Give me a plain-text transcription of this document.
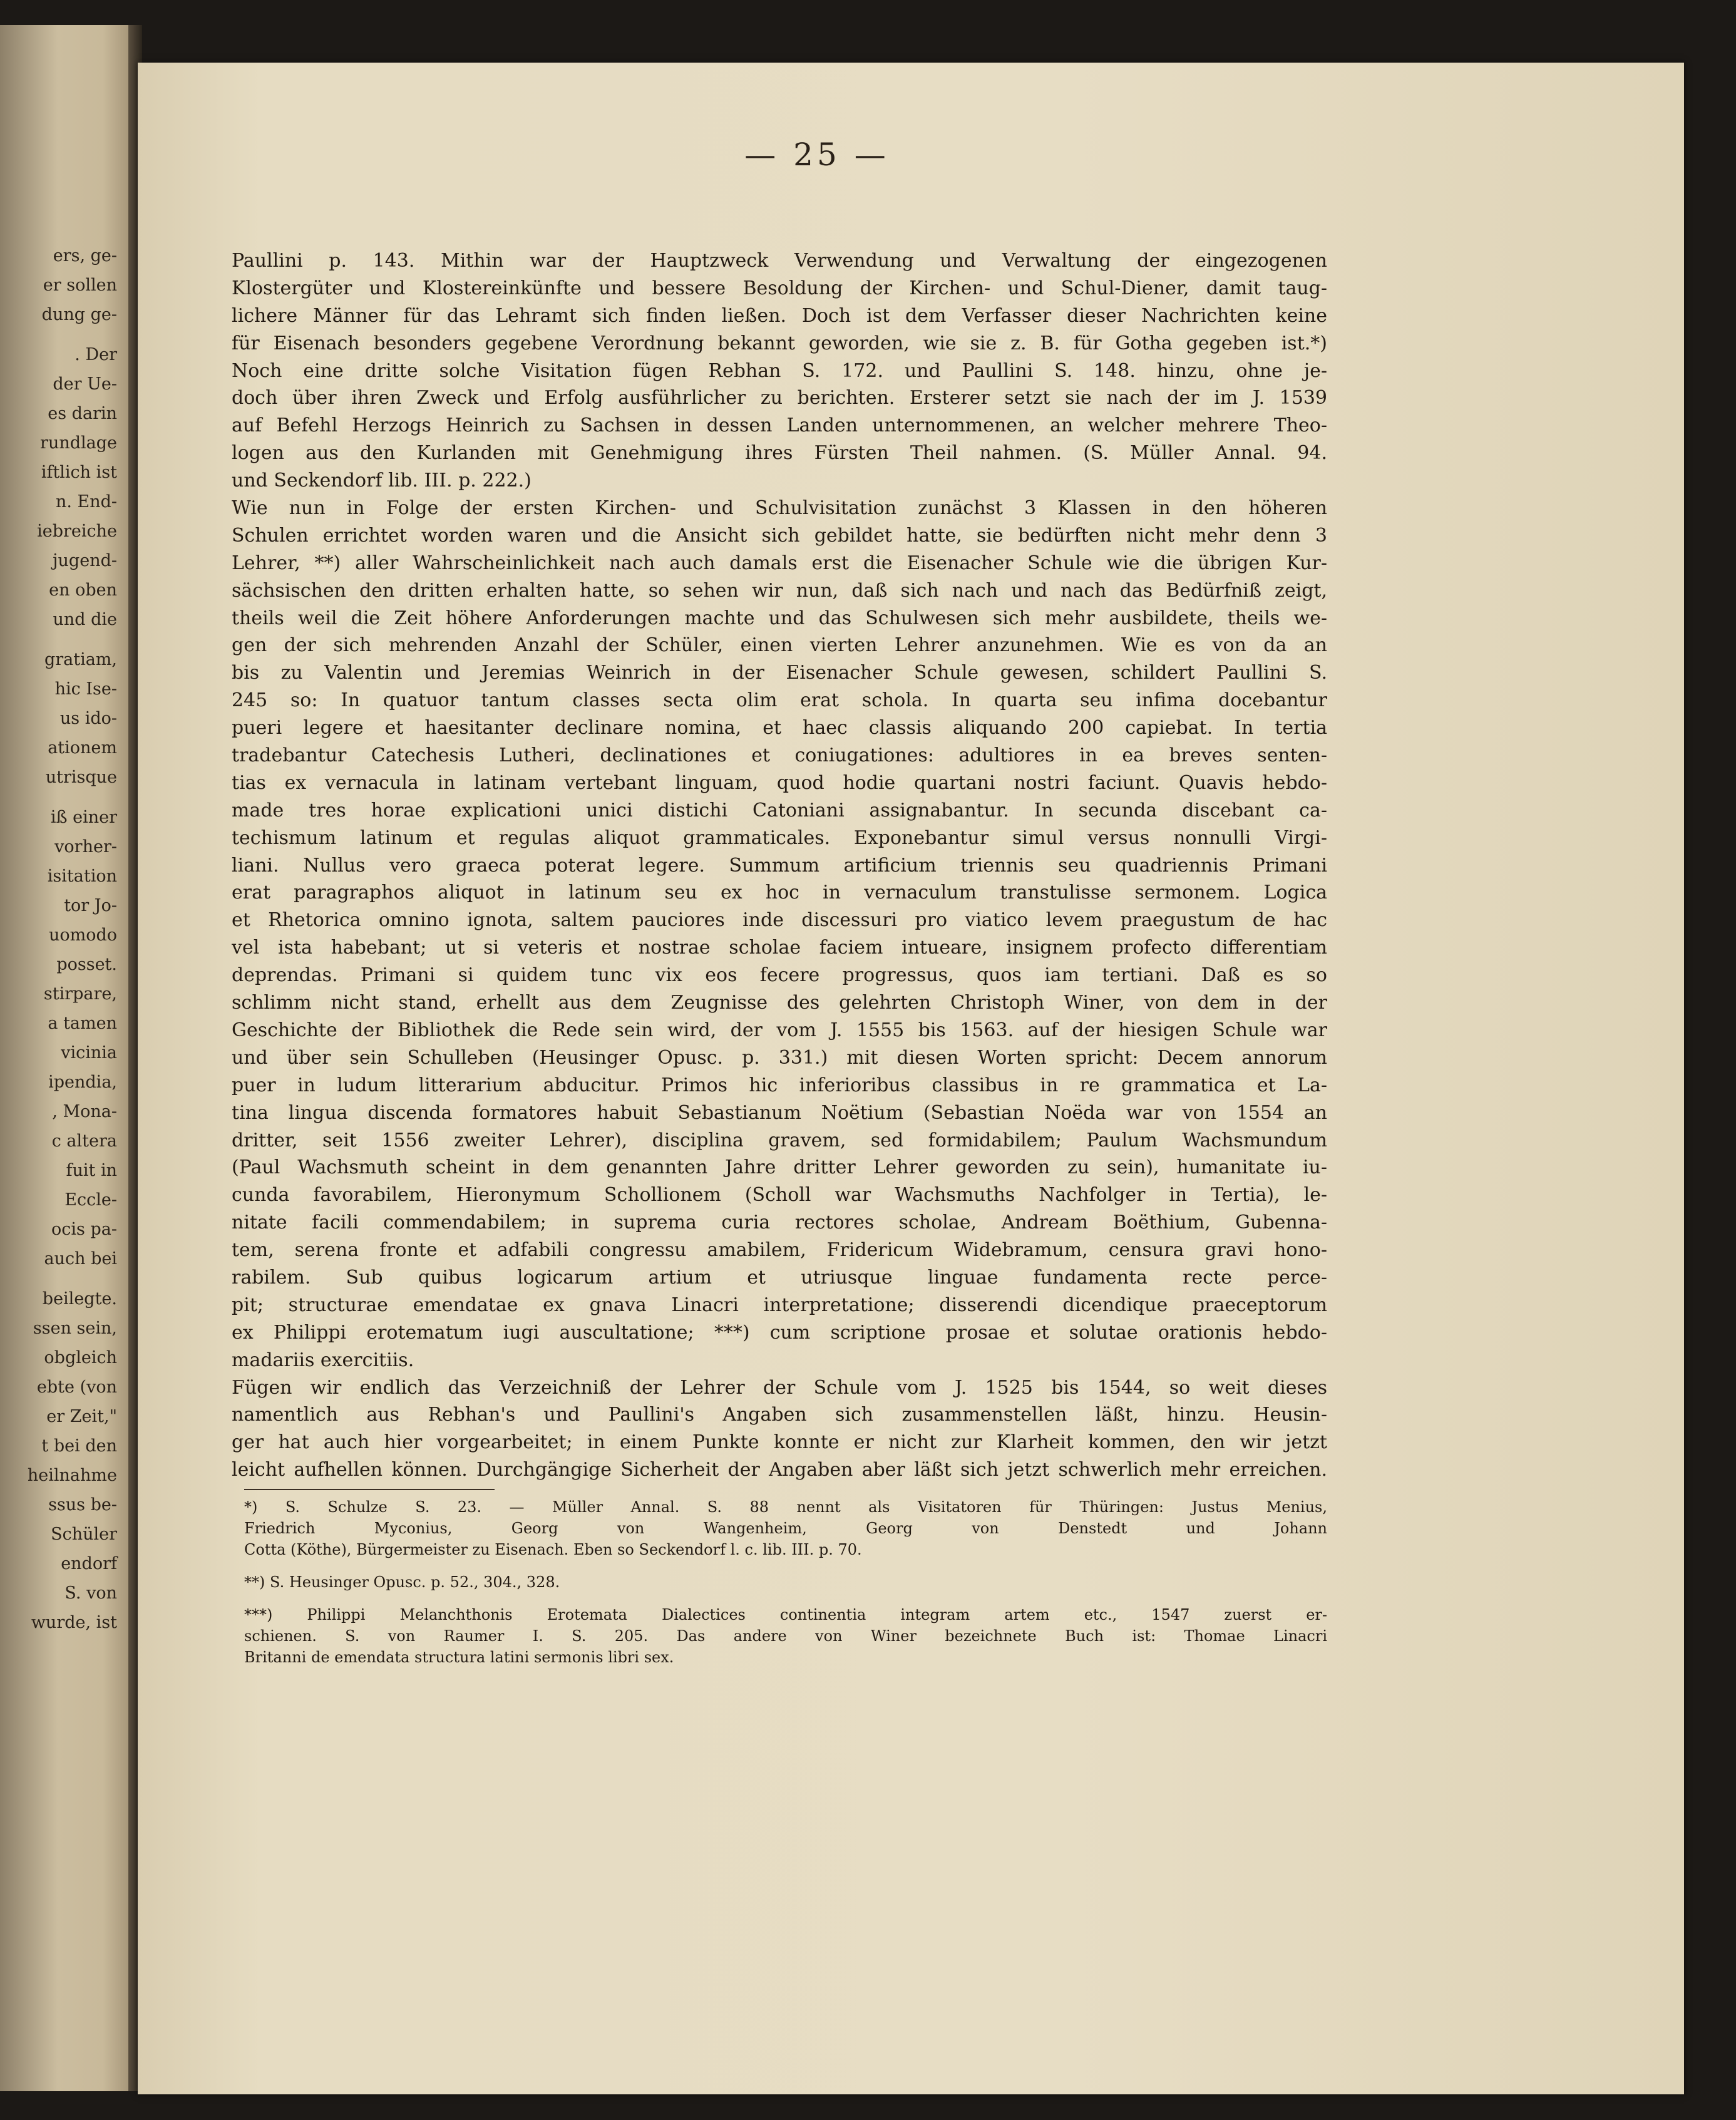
ers, ge-
er sollen
dung ge-
. Der
der Ue-
es darin
rundlage
iftlich ist
n. End-
iebreiche
jugend-
en oben
und die
gratiam,
hic Ise-
us ido-
ationem
utrisque
iß einer
vorher-
isitation
tor Jo-
uomodo
posset.
stirpare,
a tamen
vicinia
ipendia,
, Mona-
c altera
fuit in
Eccle-
ocis pa-
auch bei
beilegte.
ssen sein,
obgleich
ebte (von
er Zeit,"
t bei den
heilnahme
ssus be-
Schüler
endorf
S. von
wurde, ist
— 25 —
Paullini p. 143. Mithin war der Hauptzweck Verwendung und Verwaltung der eingezogenen
Klostergüter und Klostereinkünfte und bessere Besoldung der Kirchen- und Schul-Diener, damit taug-
lichere Männer für das Lehramt sich finden ließen. Doch ist dem Verfasser dieser Nachrichten keine
für Eisenach besonders gegebene Verordnung bekannt geworden, wie sie z. B. für Gotha gegeben ist.*)
Noch eine dritte solche Visitation fügen Rebhan S. 172. und Paullini S. 148. hinzu, ohne je-
doch über ihren Zweck und Erfolg ausführlicher zu berichten. Ersterer setzt sie nach der im J. 1539
auf Befehl Herzogs Heinrich zu Sachsen in dessen Landen unternommenen, an welcher mehrere Theo-
logen aus den Kurlanden mit Genehmigung ihres Fürsten Theil nahmen. (S. Müller Annal. 94.
und Seckendorf lib. III. p. 222.)
Wie nun in Folge der ersten Kirchen- und Schulvisitation zunächst 3 Klassen in den höheren
Schulen errichtet worden waren und die Ansicht sich gebildet hatte, sie bedürften nicht mehr denn 3
Lehrer, **) aller Wahrscheinlichkeit nach auch damals erst die Eisenacher Schule wie die übrigen Kur-
sächsischen den dritten erhalten hatte, so sehen wir nun, daß sich nach und nach das Bedürfniß zeigt,
theils weil die Zeit höhere Anforderungen machte und das Schulwesen sich mehr ausbildete, theils we-
gen der sich mehrenden Anzahl der Schüler, einen vierten Lehrer anzunehmen. Wie es von da an
bis zu Valentin und Jeremias Weinrich in der Eisenacher Schule gewesen, schildert Paullini S.
245 so: In quatuor tantum classes secta olim erat schola. In quarta seu infima docebantur
pueri legere et haesitanter declinare nomina, et haec classis aliquando 200 capiebat. In tertia
tradebantur Catechesis Lutheri, declinationes et coniugationes: adultiores in ea breves senten-
tias ex vernacula in latinam vertebant linguam, quod hodie quartani nostri faciunt. Quavis hebdo-
made tres horae explicationi unici distichi Catoniani assignabantur. In secunda discebant ca-
techismum latinum et regulas aliquot grammaticales. Exponebantur simul versus nonnulli Virgi-
liani. Nullus vero graeca poterat legere. Summum artificium triennis seu quadriennis Primani
erat paragraphos aliquot in latinum seu ex hoc in vernaculum transtulisse sermonem. Logica
et Rhetorica omnino ignota, saltem pauciores inde discessuri pro viatico levem praegustum de hac
vel ista habebant; ut si veteris et nostrae scholae faciem intueare, insignem profecto differentiam
deprendas. Primani si quidem tunc vix eos fecere progressus, quos iam tertiani. Daß es so
schlimm nicht stand, erhellt aus dem Zeugnisse des gelehrten Christoph Winer, von dem in der
Geschichte der Bibliothek die Rede sein wird, der vom J. 1555 bis 1563. auf der hiesigen Schule war
und über sein Schulleben (Heusinger Opusc. p. 331.) mit diesen Worten spricht: Decem annorum
puer in ludum litterarium abducitur. Primos hic inferioribus classibus in re grammatica et La-
tina lingua discenda formatores habuit Sebastianum Noëtium (Sebastian Noëda war von 1554 an
dritter, seit 1556 zweiter Lehrer), disciplina gravem, sed formidabilem; Paulum Wachsmundum
(Paul Wachsmuth scheint in dem genannten Jahre dritter Lehrer geworden zu sein), humanitate iu-
cunda favorabilem, Hieronymum Schollionem (Scholl war Wachsmuths Nachfolger in Tertia), le-
nitate facili commendabilem; in suprema curia rectores scholae, Andream Boëthium, Gubenna-
tem, serena fronte et adfabili congressu amabilem, Fridericum Widebramum, censura gravi hono-
rabilem. Sub quibus logicarum artium et utriusque linguae fundamenta recte perce-
pit; structurae emendatae ex gnava Linacri interpretatione; disserendi dicendique praeceptorum
ex Philippi erotematum iugi auscultatione; ***) cum scriptione prosae et solutae orationis hebdo-
madariis exercitiis.
Fügen wir endlich das Verzeichniß der Lehrer der Schule vom J. 1525 bis 1544, so weit dieses
namentlich aus Rebhan's und Paullini's Angaben sich zusammenstellen läßt, hinzu. Heusin-
ger hat auch hier vorgearbeitet; in einem Punkte konnte er nicht zur Klarheit kommen, den wir jetzt
leicht aufhellen können. Durchgängige Sicherheit der Angaben aber läßt sich jetzt schwerlich mehr erreichen.
*) S. Schulze S. 23. — Müller Annal. S. 88 nennt als Visitatoren für Thüringen: Justus Menius,
Friedrich Myconius, Georg von Wangenheim, Georg von Denstedt und Johann
Cotta (Köthe), Bürgermeister zu Eisenach. Eben so Seckendorf l. c. lib. III. p. 70.
**) S. Heusinger Opusc. p. 52., 304., 328.
***) Philippi Melanchthonis Erotemata Dialectices continentia integram artem etc., 1547 zuerst er-
schienen. S. von Raumer I. S. 205. Das andere von Winer bezeichnete Buch ist: Thomae Linacri
Britanni de emendata structura latini sermonis libri sex.
